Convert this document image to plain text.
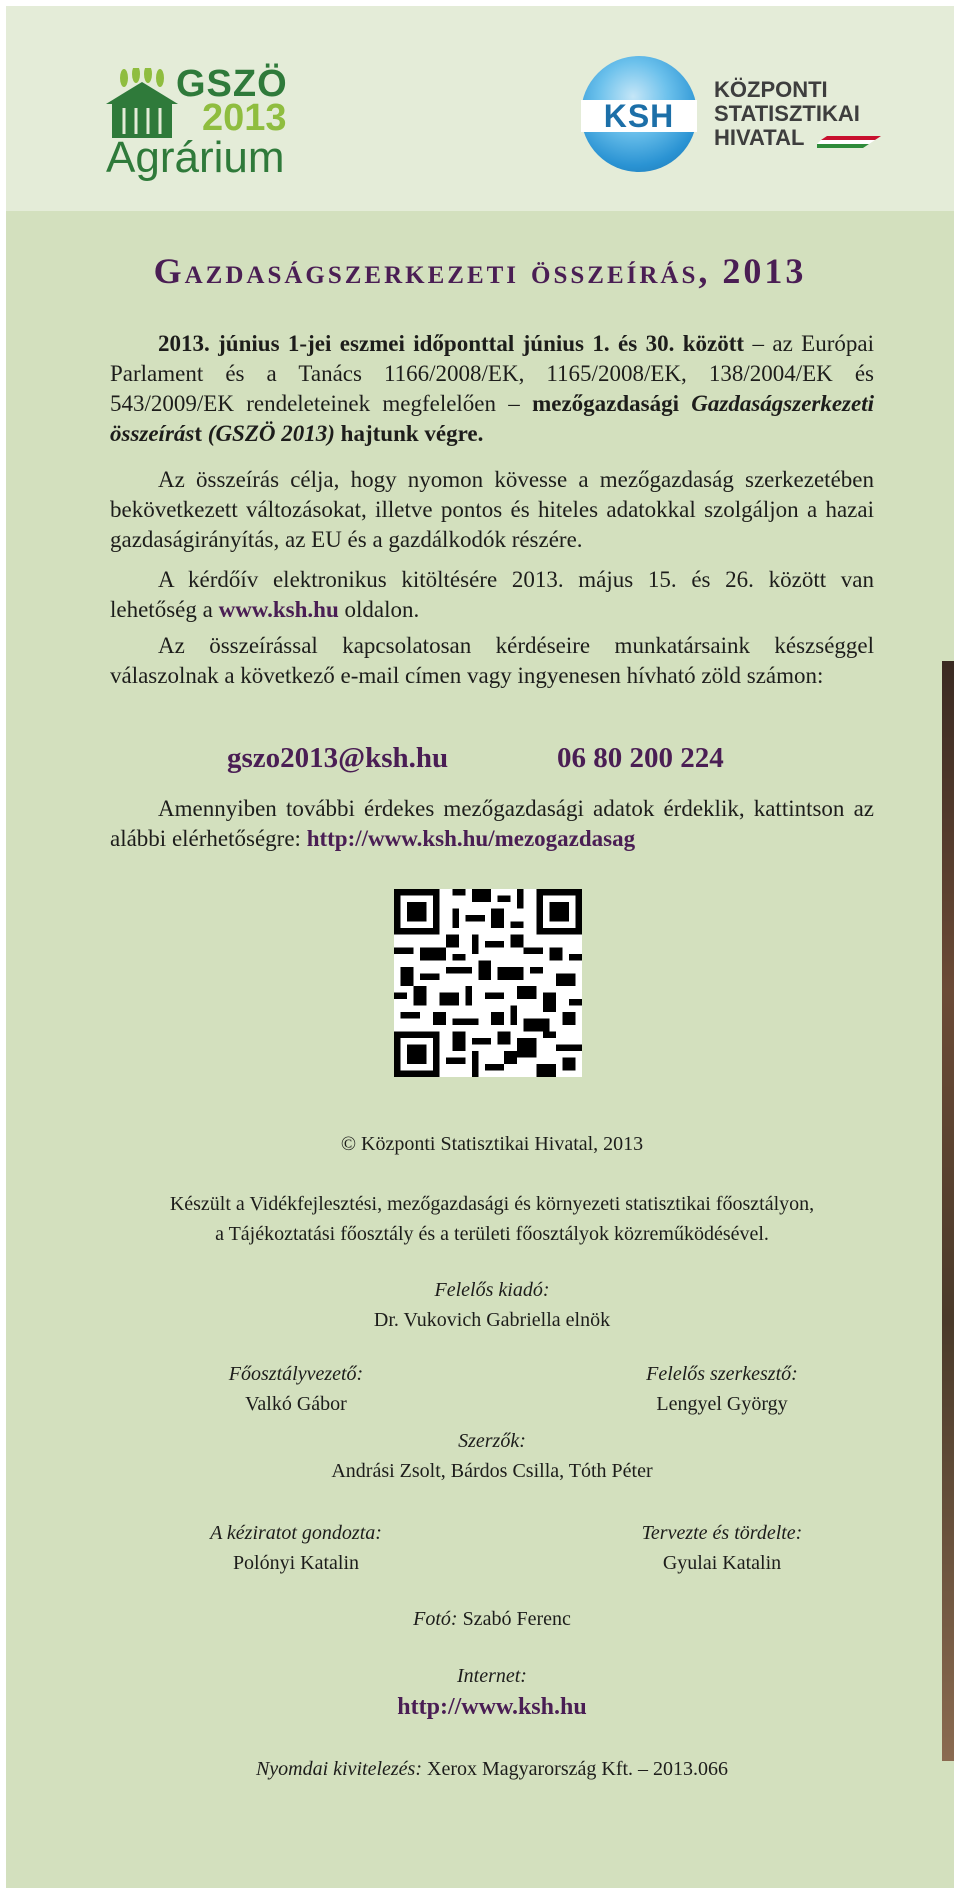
GSZÖ
2013
Agrárium
KSH
KÖZPONTI
STATISZTIKAI
HIVATAL
Gazdaságszerkezeti összeírás, 2013
2013. június 1-jei eszmei időponttal június 1. és 30. között – az Európai Parlament és a Tanács 1166/2008/EK, 1165/2008/EK, 138/2004/EK és 543/2009/EK rendeleteinek megfelelően – mezőgazdasági Gazdaságszerkezeti összeírást (GSZÖ 2013) hajtunk végre.
Az összeírás célja, hogy nyomon kövesse a mezőgazdaság szerkezetében bekövetkezett változásokat, illetve pontos és hiteles adatokkal szolgáljon a hazai gazdaságirányítás, az EU és a gazdálkodók részére.
A kérdőív elektronikus kitöltésére 2013. május 15. és 26. között van lehetőség a www.ksh.hu oldalon.
Az összeírással kapcsolatosan kérdéseire munkatársaink készséggel válaszolnak a következő e-mail címen vagy ingyenesen hívható zöld számon:
gszo2013@ksh.hu	06 80 200 224
Amennyiben további érdekes mezőgazdasági adatok érdeklik, kattintson az alábbi elérhetőségre: http://www.ksh.hu/mezogazdasag
© Központi Statisztikai Hivatal, 2013
Készült a Vidékfejlesztési, mezőgazdasági és környezeti statisztikai főosztályon,
a Tájékoztatási főosztály és a területi főosztályok közreműködésével.
Felelős kiadó:
Dr. Vukovich Gabriella elnök
Főosztályvezető:
Valkó Gábor
Felelős szerkesztő:
Lengyel György
Szerzők:
Andrási Zsolt, Bárdos Csilla, Tóth Péter
A kéziratot gondozta:
Polónyi Katalin
Tervezte és tördelte:
Gyulai Katalin
Fotó: Szabó Ferenc
Internet:
http://www.ksh.hu
Nyomdai kivitelezés: Xerox Magyarország Kft. – 2013.066
